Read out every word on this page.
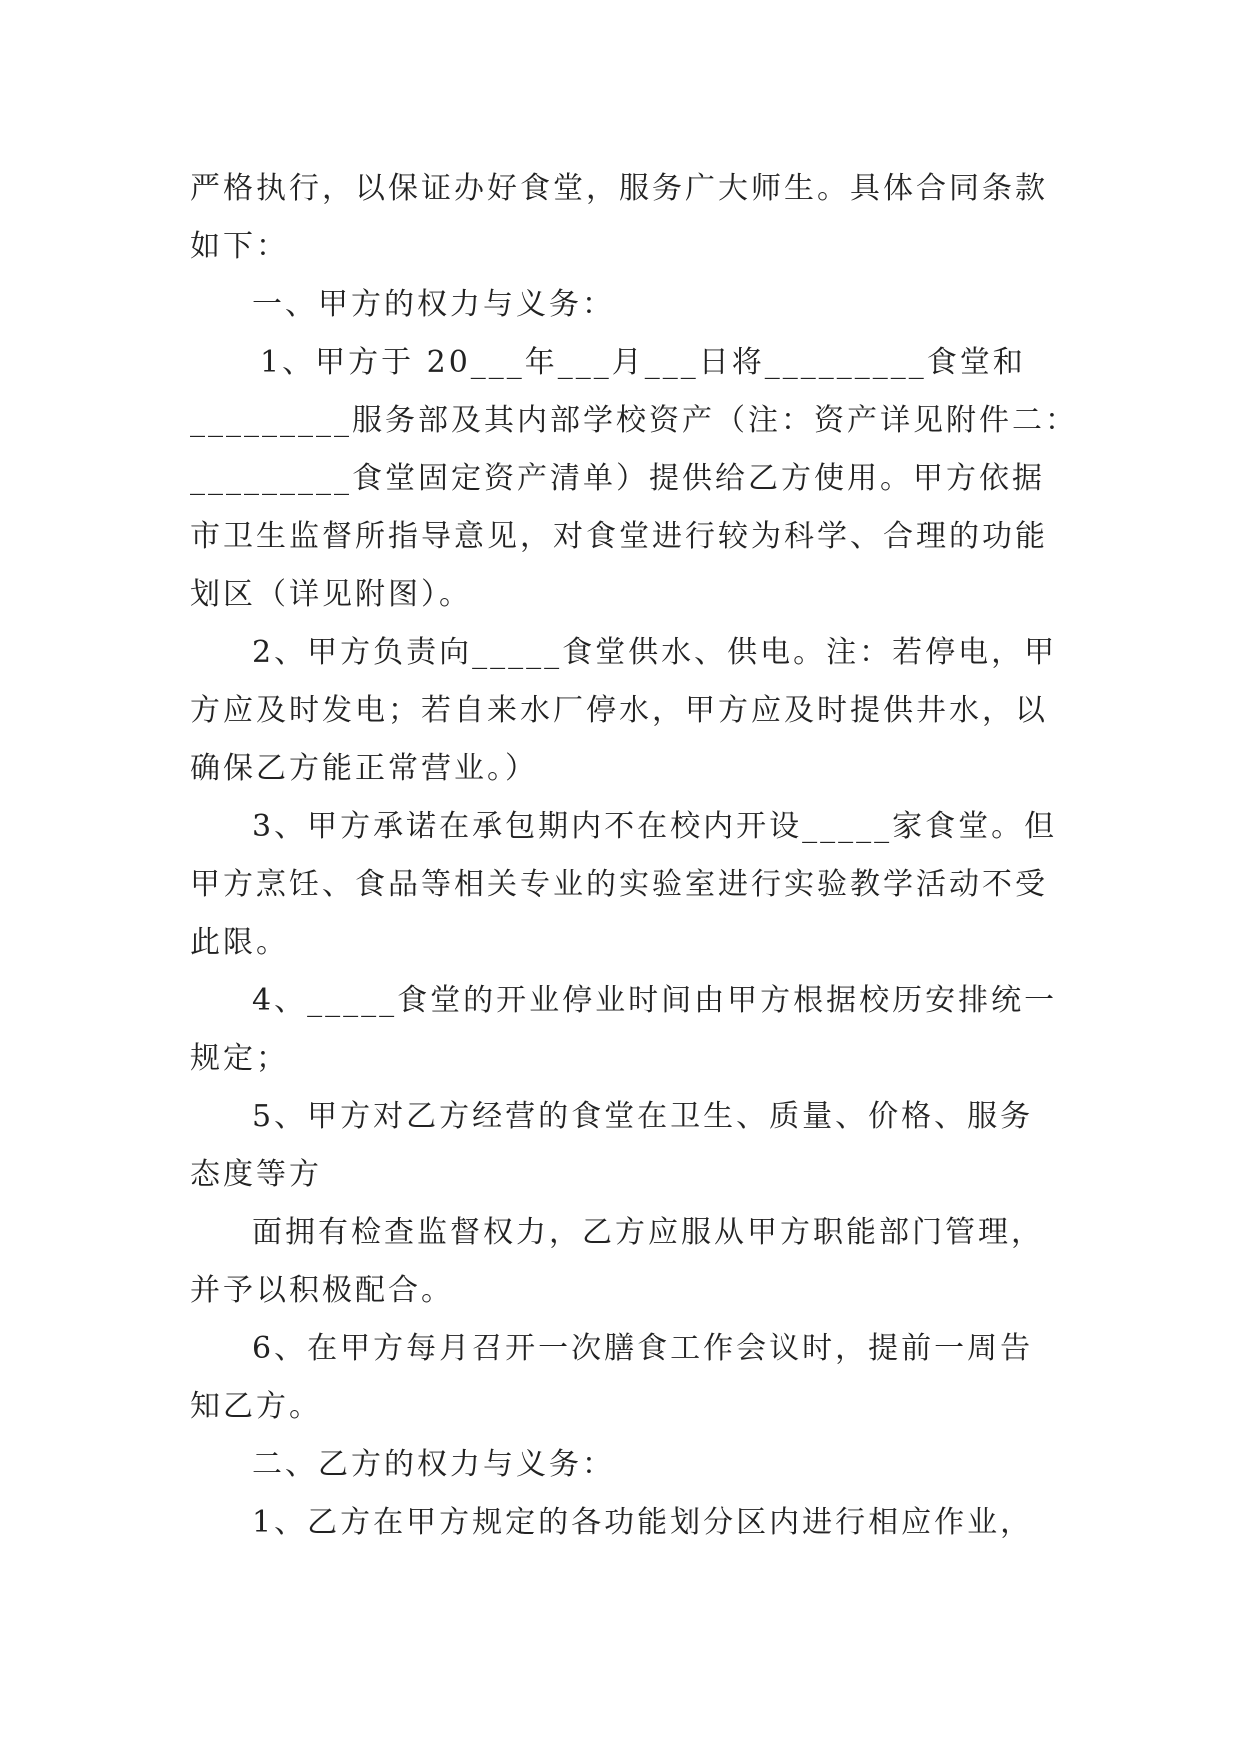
严格执行，以保证办好食堂，服务广大师生。具体合同条款
如下：
一、甲方的权力与义务：
1、甲方于 20___年___月___日将_________食堂和
_________服务部及其内部学校资产（注：资产详见附件二：
_________食堂固定资产清单）提供给乙方使用。甲方依据
市卫生监督所指导意见，对食堂进行较为科学、合理的功能
划区（详见附图）。
2、甲方负责向_____食堂供水、供电。注：若停电，甲
方应及时发电；若自来水厂停水，甲方应及时提供井水，以
确保乙方能正常营业。）
3、甲方承诺在承包期内不在校内开设_____家食堂。但
甲方烹饪、食品等相关专业的实验室进行实验教学活动不受
此限。
4、_____食堂的开业停业时间由甲方根据校历安排统一
规定；
5、甲方对乙方经营的食堂在卫生、质量、价格、服务
态度等方
面拥有检查监督权力，乙方应服从甲方职能部门管理，
并予以积极配合。
6、在甲方每月召开一次膳食工作会议时，提前一周告
知乙方。
二、乙方的权力与义务：
1、乙方在甲方规定的各功能划分区内进行相应作业，
